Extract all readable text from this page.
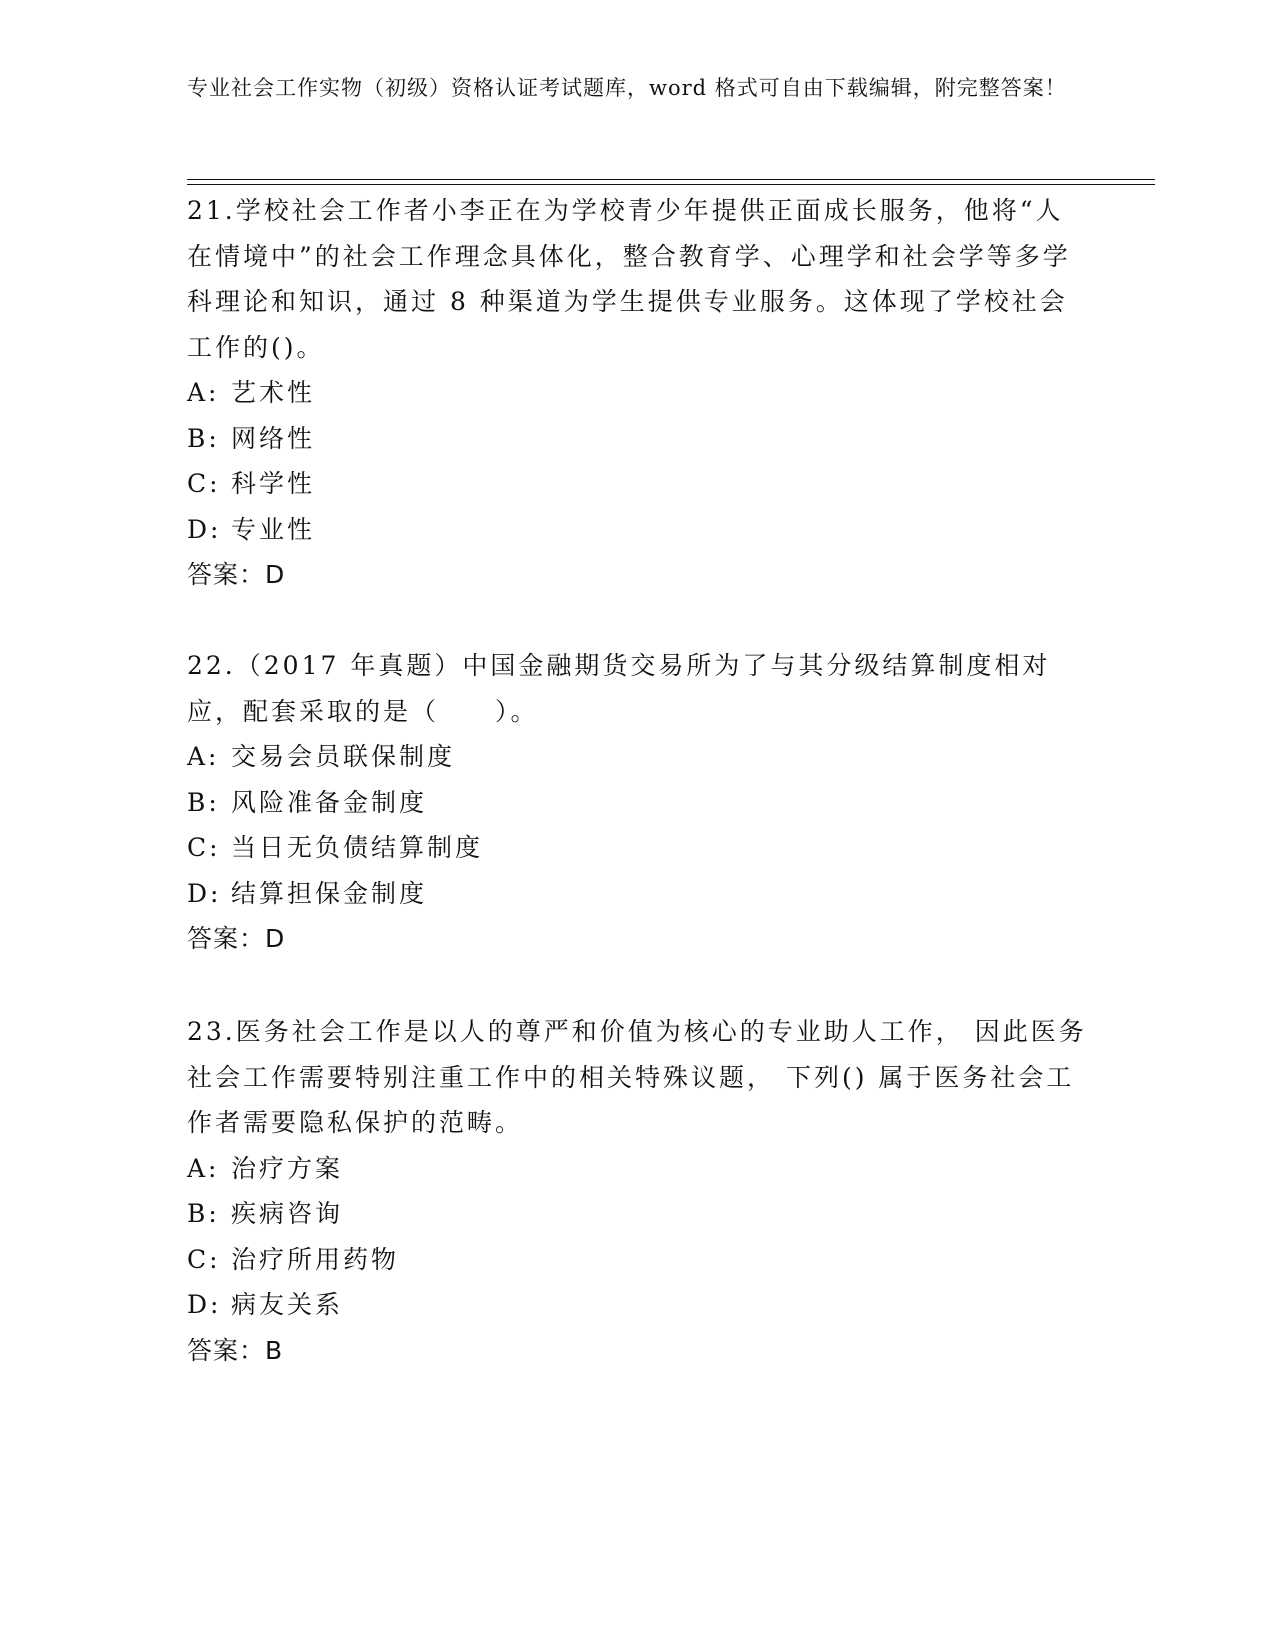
专业社会工作实物（初级）资格认证考试题库，word 格式可自由下载编辑，附完整答案！

21.学校社会工作者小李正在为学校青少年提供正面成长服务，他将“人在情境中”的社会工作理念具体化，整合教育学、心理学和社会学等多学科理论和知识，通过 8 种渠道为学生提供专业服务。这体现了学校社会工作的()。

A: 艺术性

B: 网络性

C: 科学性

D: 专业性

答案：D

22.（2017 年真题）中国金融期货交易所为了与其分级结算制度相对应，配套采取的是（　　）。

A: 交易会员联保制度

B: 风险准备金制度

C: 当日无负债结算制度

D: 结算担保金制度

答案：D

23.医务社会工作是以人的尊严和价值为核心的专业助人工作， 因此医务社会工作需要特别注重工作中的相关特殊议题， 下列() 属于医务社会工作者需要隐私保护的范畴。

A: 治疗方案

B: 疾病咨询

C: 治疗所用药物

D: 病友关系

答案：B
